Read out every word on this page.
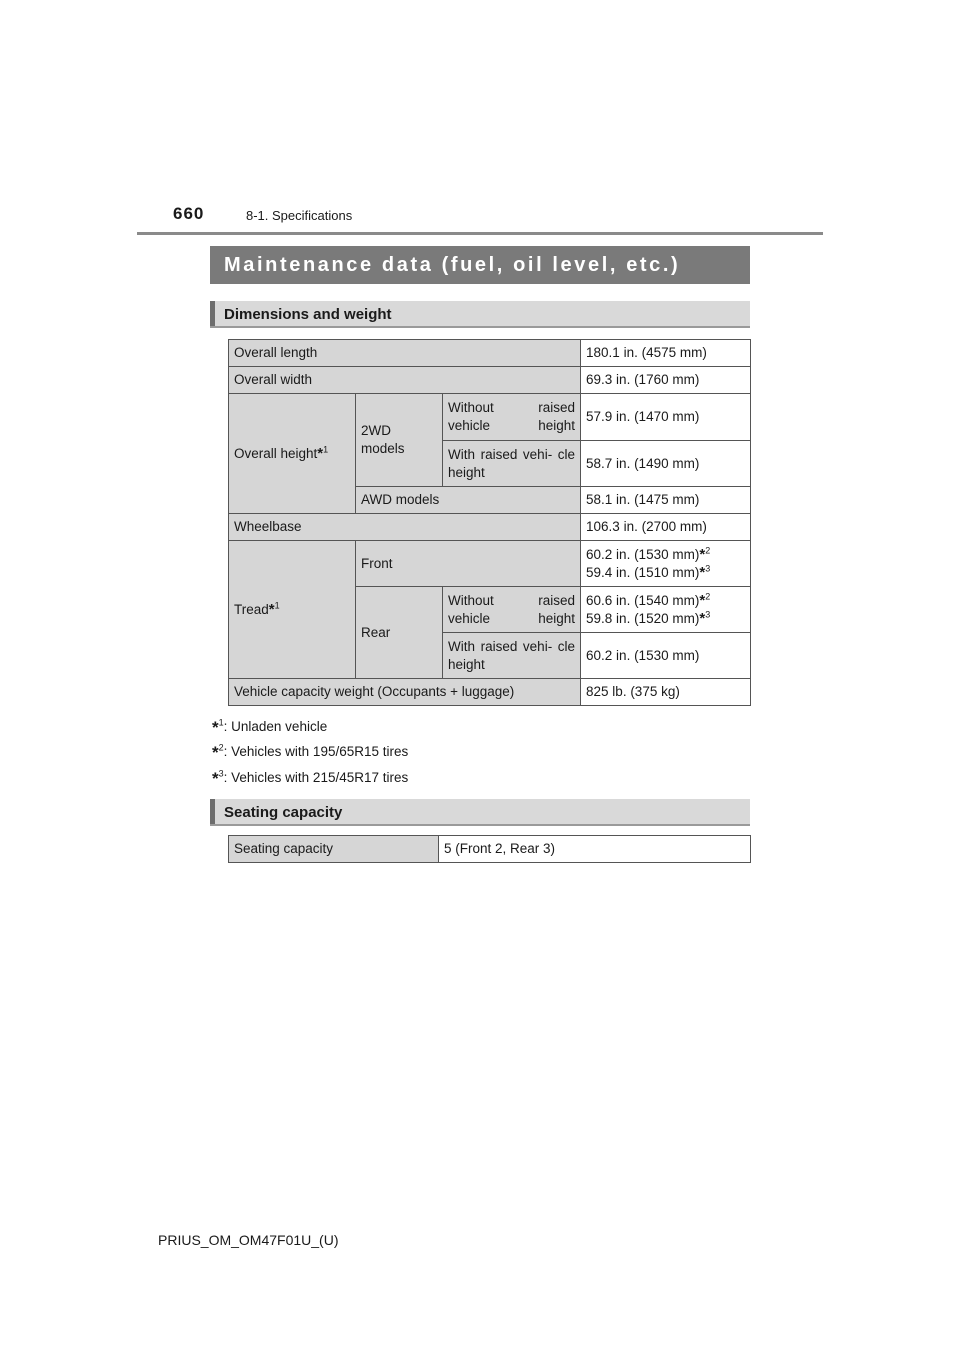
660	8-1. Specifications
Maintenance data (fuel, oil level, etc.)
Dimensions and weight
Overall length			180.1 in. (4575 mm)
Overall width			69.3 in. (1760 mm)
Overall height*$^1$	2WD models	Without raised vehicle height	57.9 in. (1470 mm)
		With raised vehi- cle height	58.7 in. (1490 mm)
	AWD models		58.1 in. (1475 mm)
Wheelbase			106.3 in. (2700 mm)
Tread*$^1$	Front		60.2 in. (1530 mm)*$^2$
59.4 in. (1510 mm)*$^3$

	Rear	Without raised vehicle height	60.6 in. (1540 mm)*$^2$
59.8 in. (1520 mm)*$^3$

		With raised vehi- cle height	60.2 in. (1530 mm)
Vehicle capacity weight (Occupants + luggage)			825 lb. (375 kg)
*$^1$: Unladen vehicle
*$^2$: Vehicles with 195/65R15 tires
*$^3$: Vehicles with 215/45R17 tires
Seating capacity
Seating capacity	5 (Front 2, Rear 3)
PRIUS_OM_OM47F01U_(U)
